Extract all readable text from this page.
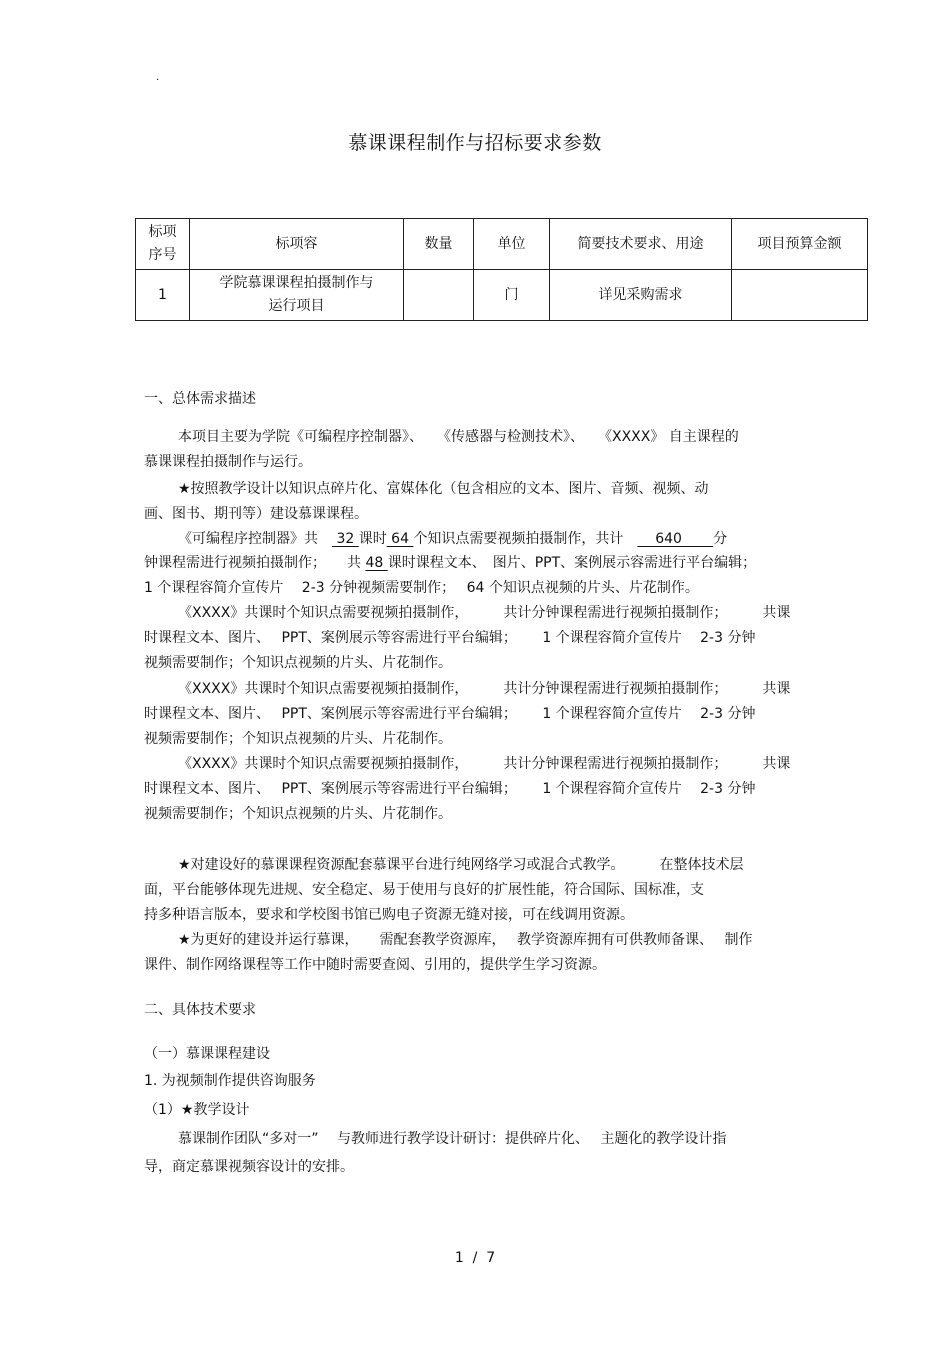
.
慕课课程制作与招标要求参数
标项
序号	标项容	数量	单位	简要技术要求、用途	项目预算金额
1	学院慕课课程拍摄制作与
运行项目		门	详见采购需求	
一、总体需求描述
本项目主要为学院《可编程序控制器》、　　《传感器与检测技术》、　　《XXXX》 自主课程的
慕课课程拍摄制作与运行。
★按照教学设计以知识点碎片化、富媒体化（包含相应的文本、图片、音频、视频、动
画、图书、期刊等）建设慕课课程。
《可编程序控制器》共　 32 课时 64 个知识点需要视频拍摄制作，共计　    640       分
钟课程需进行视频拍摄制作；　　共 48 课时课程文本、　图片、PPT、案例展示容需进行平台编辑；
1 个课程容简介宣传片　 2-3 分钟视频需要制作；　 64 个知识点视频的片头、片花制作。
《XXXX》共课时个知识点需要视频拍摄制作，　　　共计分钟课程需进行视频拍摄制作；　　　共课
时课程文本、图片、　 PPT、案例展示等容需进行平台编辑；　　 1 个课程容简介宣传片　 2-3 分钟
视频需要制作；个知识点视频的片头、片花制作。
《XXXX》共课时个知识点需要视频拍摄制作，　　　共计分钟课程需进行视频拍摄制作；　　　共课
时课程文本、图片、　 PPT、案例展示等容需进行平台编辑；　　 1 个课程容简介宣传片　 2-3 分钟
视频需要制作；个知识点视频的片头、片花制作。
《XXXX》共课时个知识点需要视频拍摄制作，　　　共计分钟课程需进行视频拍摄制作；　　　共课
时课程文本、图片、　 PPT、案例展示等容需进行平台编辑；　　 1 个课程容简介宣传片　 2-3 分钟
视频需要制作；个知识点视频的片头、片花制作。
★对建设好的慕课课程资源配套慕课平台进行纯网络学习或混合式教学。　　　在整体技术层
面，平台能够体现先进规、安全稳定、易于使用与良好的扩展性能，符合国际、国标准，支
持多种语言版本，要求和学校图书馆已购电子资源无缝对接，可在线调用资源。
★为更好的建设并运行慕课，　　需配套教学资源库，　 教学资源库拥有可供教师备课、　 制作
课件、制作网络课程等工作中随时需要查阅、引用的，提供学生学习资源。
二、具体技术要求
（一）慕课课程建设
1. 为视频制作提供咨询服务
（1）★教学设计
慕课制作团队“多对一”　 与教师进行教学设计研讨：提供碎片化、　 主题化的教学设计指
导，商定慕课视频容设计的安排。
1  /  7
